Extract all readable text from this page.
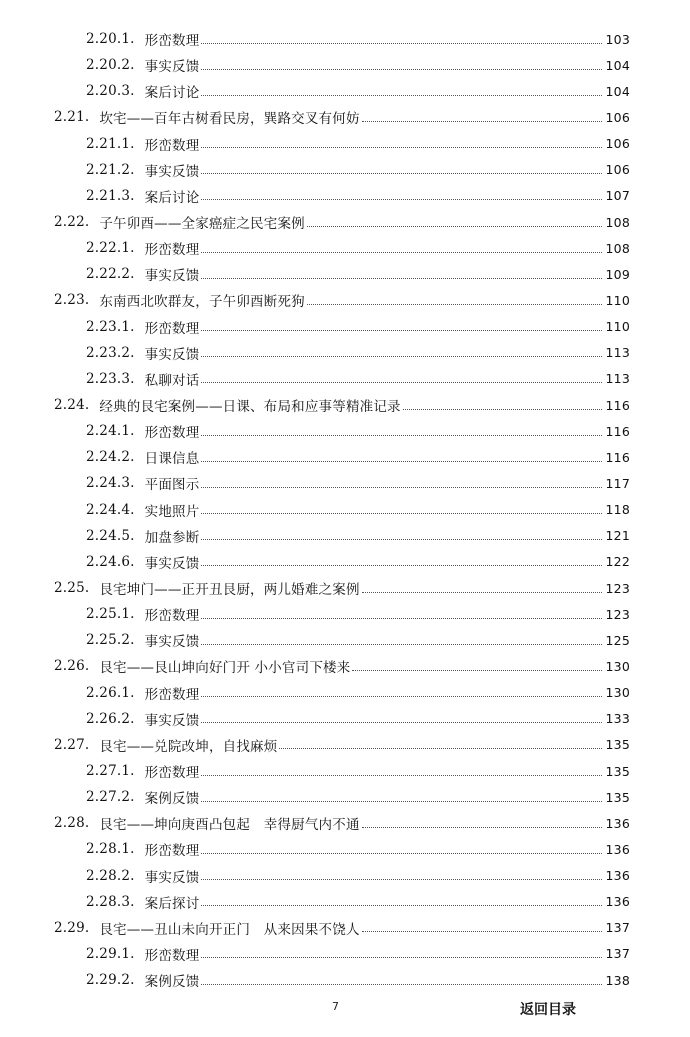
2.20.1. 形峦数理	103
2.20.2. 事实反馈	104
2.20.3. 案后讨论	104
2.21. 坎宅——百年古树看民房，巽路交叉有何妨	106
2.21.1. 形峦数理	106
2.21.2. 事实反馈	106
2.21.3. 案后讨论	107
2.22. 子午卯酉——全家癌症之民宅案例	108
2.22.1. 形峦数理	108
2.22.2. 事实反馈	109
2.23. 东南西北吹群友，子午卯酉断死狗	110
2.23.1. 形峦数理	110
2.23.2. 事实反馈	113
2.23.3. 私聊对话	113
2.24. 经典的艮宅案例——日课、布局和应事等精准记录	116
2.24.1. 形峦数理	116
2.24.2. 日课信息	116
2.24.3. 平面图示	117
2.24.4. 实地照片	118
2.24.5. 加盘参断	121
2.24.6. 事实反馈	122
2.25. 艮宅坤门——正开丑艮厨，两儿婚难之案例	123
2.25.1. 形峦数理	123
2.25.2. 事实反馈	125
2.26. 艮宅——艮山坤向好门开 小小官司下楼来	130
2.26.1. 形峦数理	130
2.26.2. 事实反馈	133
2.27. 艮宅——兑院改坤，自找麻烦	135
2.27.1. 形峦数理	135
2.27.2. 案例反馈	135
2.28. 艮宅——坤向庚酉凸包起　幸得厨气内不通	136
2.28.1. 形峦数理	136
2.28.2. 事实反馈	136
2.28.3. 案后探讨	136
2.29. 艮宅——丑山未向开正门　从来因果不饶人	137
2.29.1. 形峦数理	137
2.29.2. 案例反馈	138
7	返回目录
